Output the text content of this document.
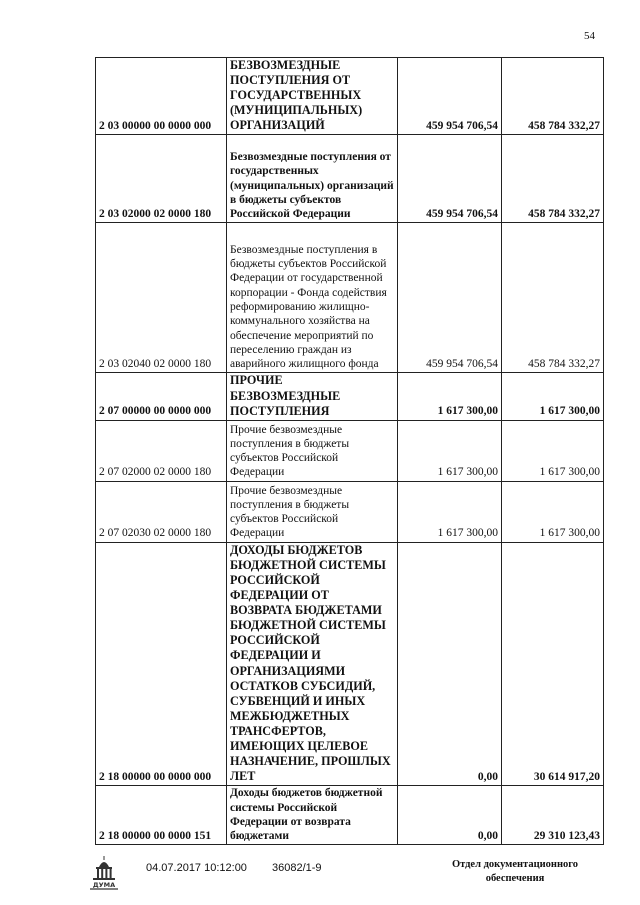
54
2 03 00000 00 0000 000	БЕЗВОЗМЕЗДНЫЕ ПОСТУПЛЕНИЯ ОТ ГОСУДАРСТВЕННЫХ (МУНИЦИПАЛЬНЫХ) ОРГАНИЗАЦИЙ	459 954 706,54	458 784 332,27
2 03 02000 02 0000 180	Безвозмездные поступления от государственных (муниципальных) организаций в бюджеты субъектов Российской Федерации	459 954 706,54	458 784 332,27
2 03 02040 02 0000 180	Безвозмездные поступления в бюджеты субъектов Российской Федерации от государственной корпорации - Фонда содействия реформированию жилищно-коммунального хозяйства на обеспечение мероприятий по переселению граждан из аварийного жилищного фонда	459 954 706,54	458 784 332,27
2 07 00000 00 0000 000	ПРОЧИЕ БЕЗВОЗМЕЗДНЫЕ ПОСТУПЛЕНИЯ	1 617 300,00	1 617 300,00
2 07 02000 02 0000 180	Прочие безвозмездные поступления в бюджеты субъектов Российской Федерации	1 617 300,00	1 617 300,00
2 07 02030 02 0000 180	Прочие безвозмездные поступления в бюджеты субъектов Российской Федерации	1 617 300,00	1 617 300,00
2 18 00000 00 0000 000	ДОХОДЫ БЮДЖЕТОВ БЮДЖЕТНОЙ СИСТЕМЫ РОССИЙСКОЙ ФЕДЕРАЦИИ ОТ ВОЗВРАТА БЮДЖЕТАМИ БЮДЖЕТНОЙ СИСТЕМЫ РОССИЙСКОЙ ФЕДЕРАЦИИ И ОРГАНИЗАЦИЯМИ ОСТАТКОВ СУБСИДИЙ, СУБВЕНЦИЙ И ИНЫХ МЕЖБЮДЖЕТНЫХ ТРАНСФЕРТОВ, ИМЕЮЩИХ ЦЕЛЕВОЕ НАЗНАЧЕНИЕ, ПРОШЛЫХ ЛЕТ	0,00	30 614 917,20
2 18 00000 00 0000 151	Доходы бюджетов бюджетной системы Российской Федерации от возврата бюджетами	0,00	29 310 123,43
ДУМА
04.07.2017 10:12:00 36082/1-9	Отдел документационного
обеспечения
